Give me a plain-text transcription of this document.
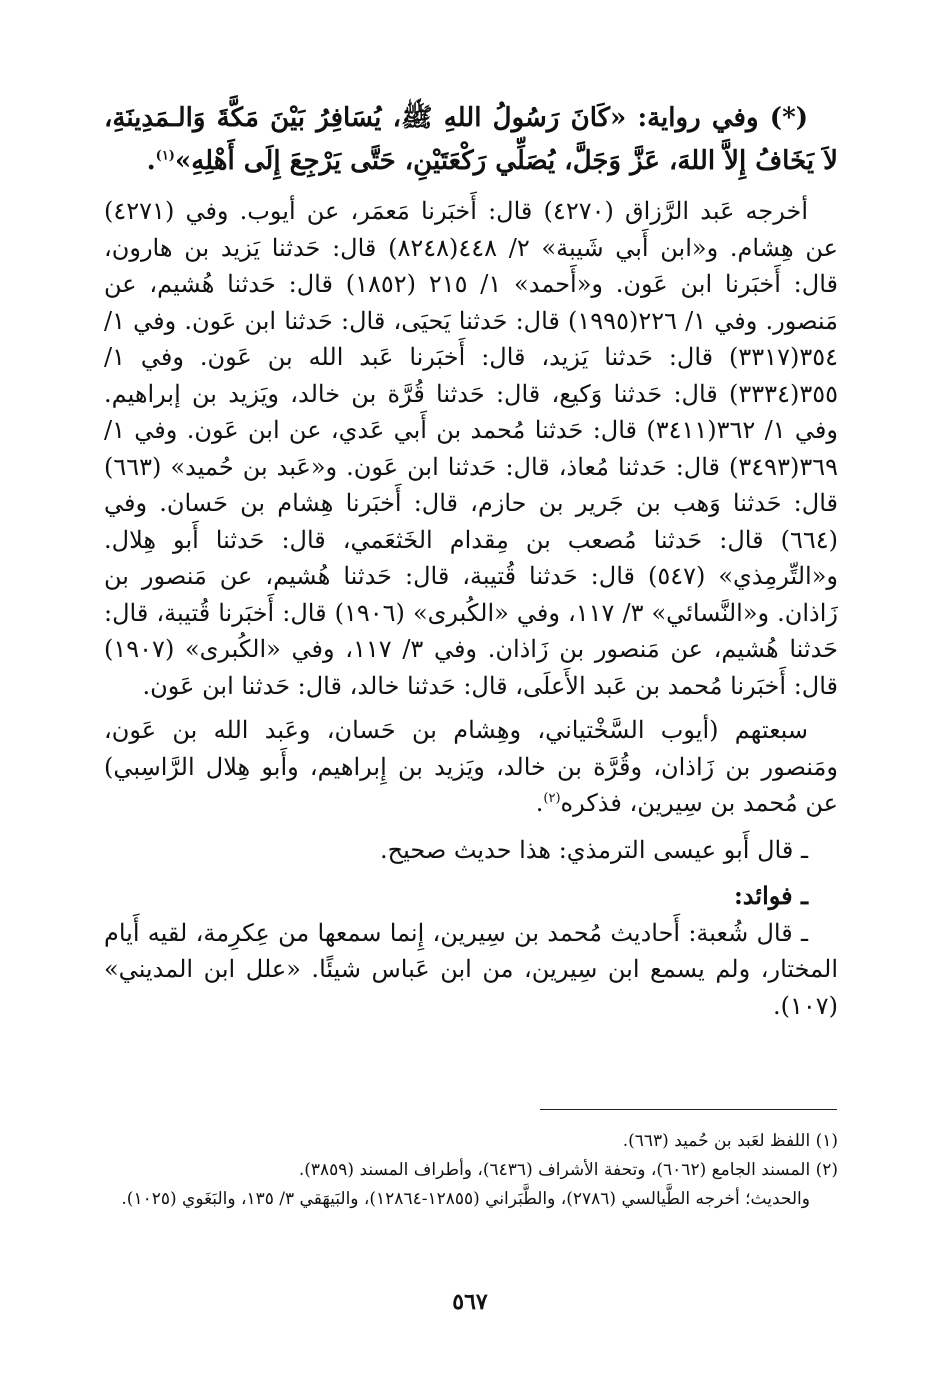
(*) وفي رواية: «كَانَ رَسُولُ اللهِ ﷺ، يُسَافِرُ بَيْنَ مَكَّةَ وَالـمَدِينَةِ، لاَ يَخَافُ إِلاَّ اللهَ، عَزَّ وَجَلَّ، يُصَلِّي رَكْعَتَيْنِ، حَتَّى يَرْجِعَ إِلَى أَهْلِهِ»$^{(١)}$.

أخرجه عَبد الرَّزاق (٤٢٧٠) قال: أَخبَرنا مَعمَر، عن أيوب. وفي (٤٢٧١) عن هِشام. و«ابن أَبي شَيبة» ٢/ ٤٤٨(٨٢٤٨) قال: حَدثنا يَزيد بن هارون، قال: أَخبَرنا ابن عَون. و«أَحمد» ١/ ٢١٥ (١٨٥٢) قال: حَدثنا هُشيم، عن مَنصور. وفي ١/ ٢٢٦(١٩٩٥) قال: حَدثنا يَحيَى، قال: حَدثنا ابن عَون. وفي ١/ ٣٥٤(٣٣١٧) قال: حَدثنا يَزيد، قال: أَخبَرنا عَبد الله بن عَون. وفي ١/ ٣٥٥(٣٣٣٤) قال: حَدثنا وَكيع، قال: حَدثنا قُرَّة بن خالد، ويَزيد بن إبراهيم. وفي ١/ ٣٦٢(٣٤١١) قال: حَدثنا مُحمد بن أَبي عَدي، عن ابن عَون. وفي ١/ ٣٦٩(٣٤٩٣) قال: حَدثنا مُعاذ، قال: حَدثنا ابن عَون. و«عَبد بن حُميد» (٦٦٣) قال: حَدثنا وَهب بن جَرير بن حازم، قال: أَخبَرنا هِشام بن حَسان. وفي (٦٦٤) قال: حَدثنا مُصعب بن مِقدام الخَثعَمي، قال: حَدثنا أَبو هِلال. و«التِّرمِذي» (٥٤٧) قال: حَدثنا قُتيبة، قال: حَدثنا هُشيم، عن مَنصور بن زَاذان. و«النَّسائي» ٣/ ١١٧، وفي «الكُبرى» (١٩٠٦) قال: أَخبَرنا قُتيبة، قال: حَدثنا هُشيم، عن مَنصور بن زَاذان. وفي ٣/ ١١٧، وفي «الكُبرى» (١٩٠٧) قال: أَخبَرنا مُحمد بن عَبد الأَعلَى، قال: حَدثنا خالد، قال: حَدثنا ابن عَون.

سبعتهم (أيوب السَّخْتياني، وهِشام بن حَسان، وعَبد الله بن عَون، ومَنصور بن زَاذان، وقُرَّة بن خالد، ويَزيد بن إِبراهيم، وأَبو هِلال الرَّاسِبي) عن مُحمد بن سِيرين، فذكره$^{(٢)}$.

ـ قال أَبو عيسى الترمذي: هذا حديث صحيح.

ـ فوائد:

ـ قال شُعبة: أَحاديث مُحمد بن سِيرين، إِنما سمعها من عِكرِمة، لقيه أَيام المختار، ولم يسمع ابن سِيرين، من ابن عَباس شيئًا. «علل ابن المديني» (١٠٧).

(١) اللفظ لعَبد بن حُميد (٦٦٣).

(٢) المسند الجامع (٦٠٦٢)، وتحفة الأشراف (٦٤٣٦)، وأطراف المسند (٣٨٥٩).

والحديث؛ أخرجه الطَّيالسي (٢٧٨٦)، والطَّبَراني (١٢٨٥٥-١٢٨٦٤)، والبَيهَقي ٣/ ١٣٥، والبَغَوي (١٠٢٥).

٥٦٧
